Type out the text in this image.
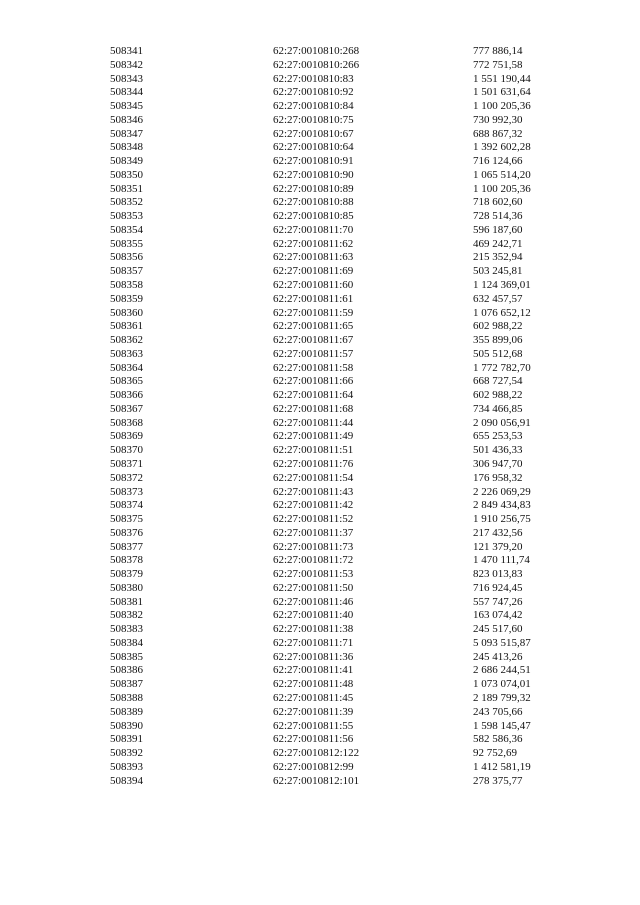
508341	62:27:0010810:268	777 886,14
508342	62:27:0010810:266	772 751,58
508343	62:27:0010810:83	1 551 190,44
508344	62:27:0010810:92	1 501 631,64
508345	62:27:0010810:84	1 100 205,36
508346	62:27:0010810:75	730 992,30
508347	62:27:0010810:67	688 867,32
508348	62:27:0010810:64	1 392 602,28
508349	62:27:0010810:91	716 124,66
508350	62:27:0010810:90	1 065 514,20
508351	62:27:0010810:89	1 100 205,36
508352	62:27:0010810:88	718 602,60
508353	62:27:0010810:85	728 514,36
508354	62:27:0010811:70	596 187,60
508355	62:27:0010811:62	469 242,71
508356	62:27:0010811:63	215 352,94
508357	62:27:0010811:69	503 245,81
508358	62:27:0010811:60	1 124 369,01
508359	62:27:0010811:61	632 457,57
508360	62:27:0010811:59	1 076 652,12
508361	62:27:0010811:65	602 988,22
508362	62:27:0010811:67	355 899,06
508363	62:27:0010811:57	505 512,68
508364	62:27:0010811:58	1 772 782,70
508365	62:27:0010811:66	668 727,54
508366	62:27:0010811:64	602 988,22
508367	62:27:0010811:68	734 466,85
508368	62:27:0010811:44	2 090 056,91
508369	62:27:0010811:49	655 253,53
508370	62:27:0010811:51	501 436,33
508371	62:27:0010811:76	306 947,70
508372	62:27:0010811:54	176 958,32
508373	62:27:0010811:43	2 226 069,29
508374	62:27:0010811:42	2 849 434,83
508375	62:27:0010811:52	1 910 256,75
508376	62:27:0010811:37	217 432,56
508377	62:27:0010811:73	121 379,20
508378	62:27:0010811:72	1 470 111,74
508379	62:27:0010811:53	823 013,83
508380	62:27:0010811:50	716 924,45
508381	62:27:0010811:46	557 747,26
508382	62:27:0010811:40	163 074,42
508383	62:27:0010811:38	245 517,60
508384	62:27:0010811:71	5 093 515,87
508385	62:27:0010811:36	245 413,26
508386	62:27:0010811:41	2 686 244,51
508387	62:27:0010811:48	1 073 074,01
508388	62:27:0010811:45	2 189 799,32
508389	62:27:0010811:39	243 705,66
508390	62:27:0010811:55	1 598 145,47
508391	62:27:0010811:56	582 586,36
508392	62:27:0010812:122	92 752,69
508393	62:27:0010812:99	1 412 581,19
508394	62:27:0010812:101	278 375,77
